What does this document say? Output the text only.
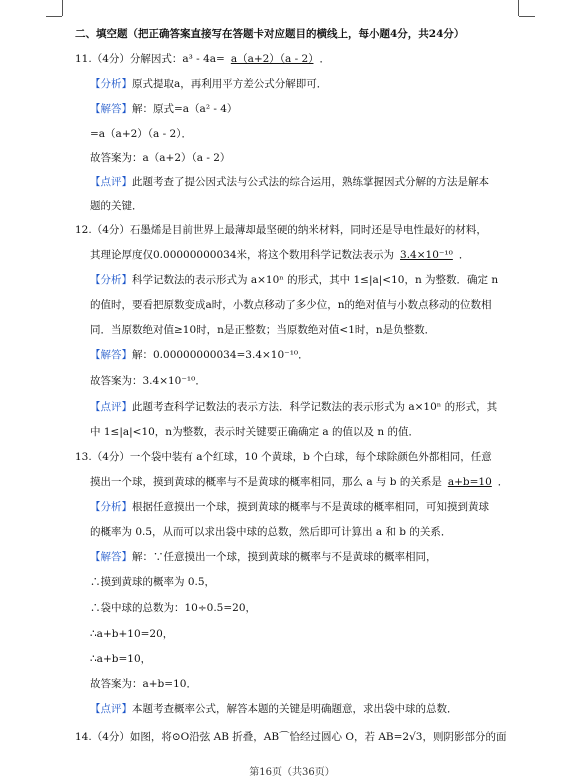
二、填空题（把正确答案直接写在答题卡对应题目的横线上，每小题4分，共24分）
11.（4分）分解因式：a³ - 4a= a（a+2）（a - 2） ．
【分析】原式提取a，再利用平方差公式分解即可．
【解答】解：原式=a（a² - 4）
=a（a+2）（a - 2）．
故答案为：a（a+2）（a - 2）
【点评】此题考查了提公因式法与公式法的综合运用，熟练掌握因式分解的方法是解本
题的关键．
12.（4分）石墨烯是目前世界上最薄却最坚硬的纳米材料，同时还是导电性最好的材料，
其理论厚度仅0.00000000034米，将这个数用科学记数法表示为 3.4×10⁻¹⁰ ．
【分析】科学记数法的表示形式为 a×10ⁿ 的形式，其中 1≤|a|<10，n 为整数．确定 n
的值时，要看把原数变成a时，小数点移动了多少位，n的绝对值与小数点移动的位数相
同．当原数绝对值≥10时，n是正整数；当原数绝对值<1时，n是负整数．
【解答】解：0.00000000034=3.4×10⁻¹⁰．
故答案为：3.4×10⁻¹⁰．
【点评】此题考查科学记数法的表示方法．科学记数法的表示形式为 a×10ⁿ 的形式，其
中 1≤|a|<10，n为整数，表示时关键要正确确定 a 的值以及 n 的值．
13.（4分）一个袋中装有 a个红球，10 个黄球，b 个白球，每个球除颜色外都相同，任意
摸出一个球，摸到黄球的概率与不是黄球的概率相同，那么 a 与 b 的关系是 a+b=10 ．
【分析】根据任意摸出一个球，摸到黄球的概率与不是黄球的概率相同，可知摸到黄球
的概率为 0.5，从而可以求出袋中球的总数，然后即可计算出 a 和 b 的关系．
【解答】解：∵任意摸出一个球，摸到黄球的概率与不是黄球的概率相同，
∴摸到黄球的概率为 0.5，
∴袋中球的总数为：10÷0.5=20，
∴a+b+10=20，
∴a+b=10，
故答案为：a+b=10．
【点评】本题考查概率公式，解答本题的关键是明确题意，求出袋中球的总数．
14.（4分）如图，将⊙O沿弦 AB 折叠，AB⌒恰经过圆心 O，若 AB=2√3，则阴影部分的面
第16页（共36页）
